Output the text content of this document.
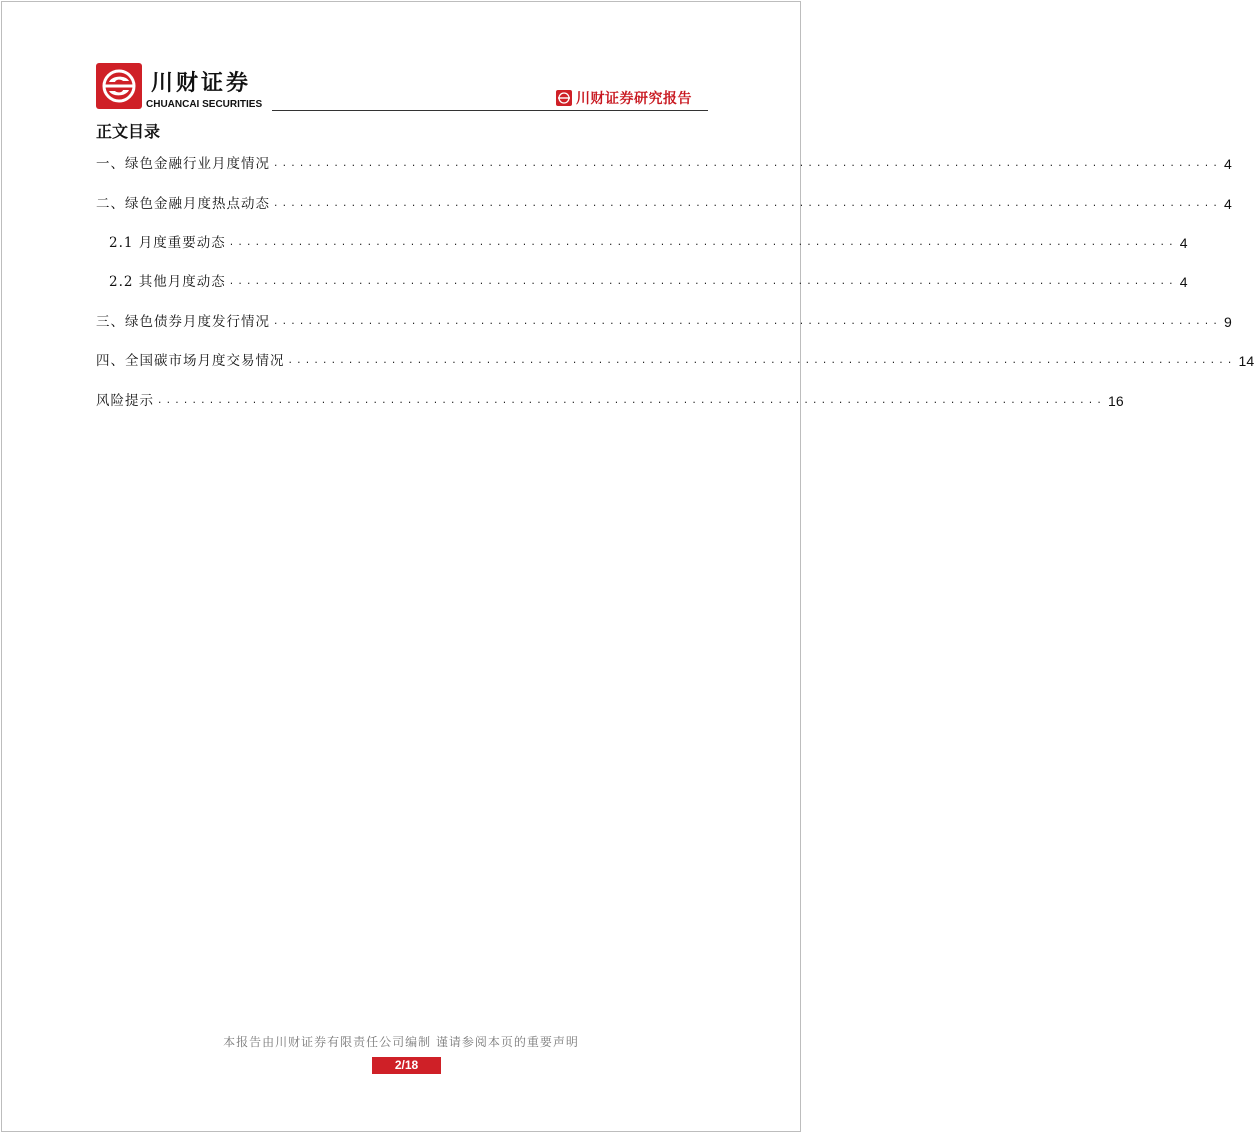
川财证券
CHUANCAI SECURITIES	川财证券研究报告
正文目录
一、绿色金融行业月度情况 .............................................................................................................. 4
二、绿色金融月度热点动态 .............................................................................................................. 4
2.1 月度重要动态 .............................................................................................................. 4
2.2 其他月度动态 .............................................................................................................. 4
三、绿色债券月度发行情况 .............................................................................................................. 9
四、全国碳市场月度交易情况 .............................................................................................................. 14
风险提示 .............................................................................................................. 16
本报告由川财证券有限责任公司编制 谨请参阅本页的重要声明
2/18
